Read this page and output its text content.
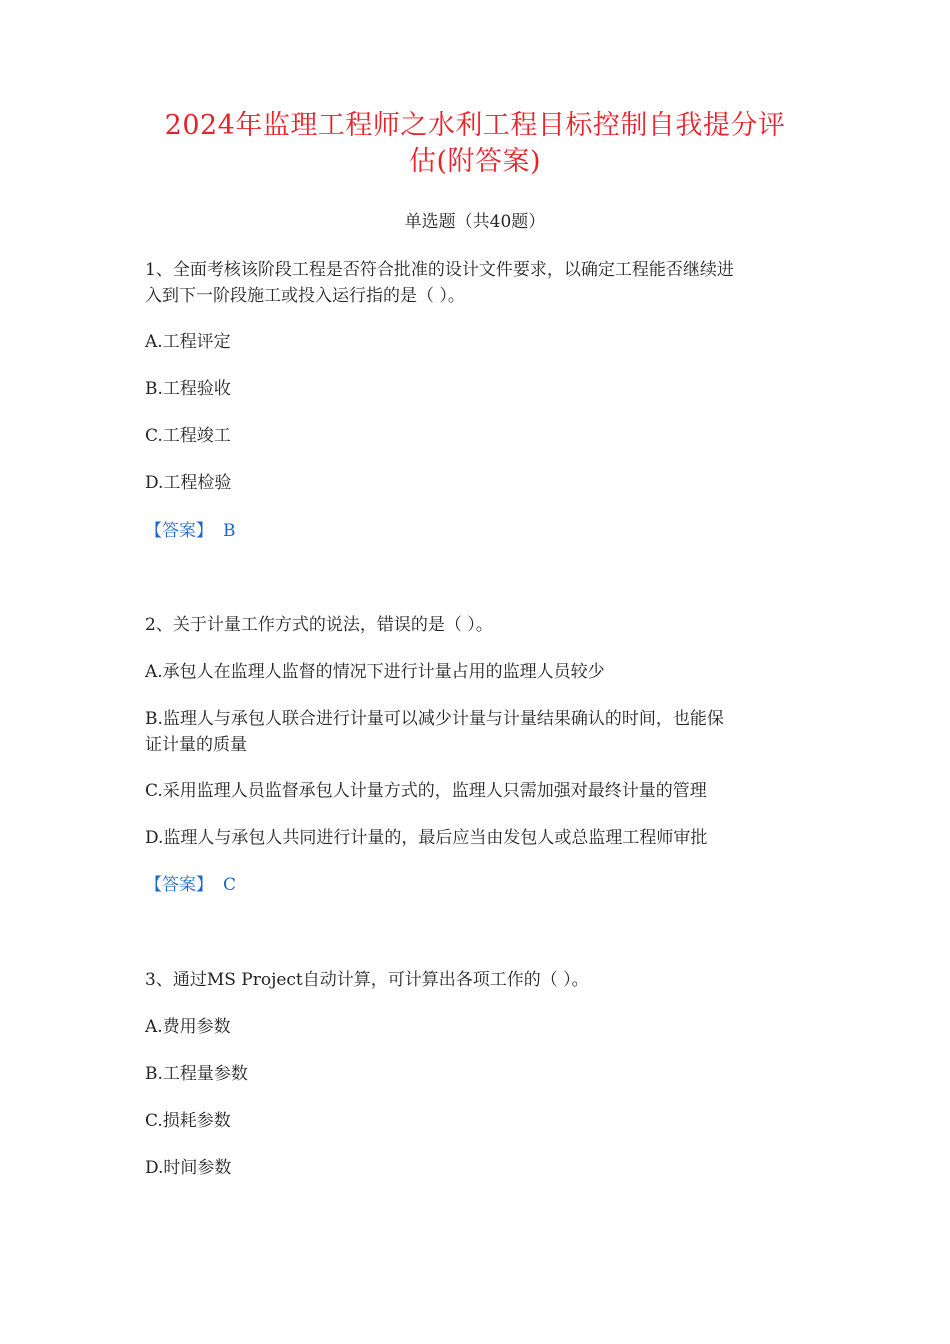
2024年监理工程师之水利工程目标控制自我提分评
估(附答案)
单选题（共40题）
1、全面考核该阶段工程是否符合批准的设计文件要求，以确定工程能否继续进
入到下一阶段施工或投入运行指的是（ ）。
A.工程评定
B.工程验收
C.工程竣工
D.工程检验
【答案】 B
2、关于计量工作方式的说法，错误的是（ ）。
A.承包人在监理人监督的情况下进行计量占用的监理人员较少
B.监理人与承包人联合进行计量可以减少计量与计量结果确认的时间，也能保
证计量的质量
C.采用监理人员监督承包人计量方式的，监理人只需加强对最终计量的管理
D.监理人与承包人共同进行计量的，最后应当由发包人或总监理工程师审批
【答案】 C
3、通过MS Project自动计算，可计算出各项工作的（ ）。
A.费用参数
B.工程量参数
C.损耗参数
D.时间参数
